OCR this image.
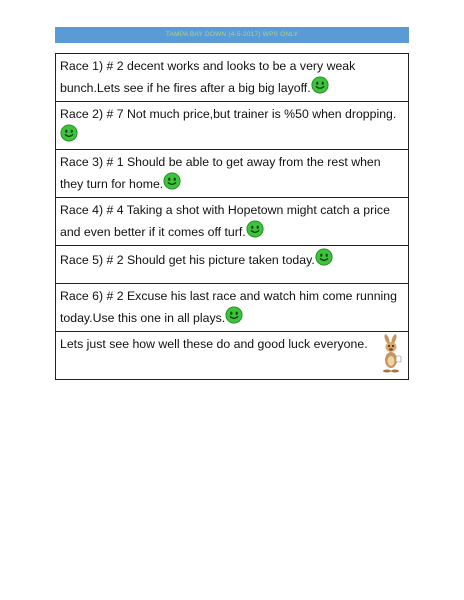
TAMPA BAY DOWN (4-5-2017) WPS ONLY
Race 1) # 2 decent works and looks to be a very weak bunch.Lets see if he fires after a big big layoff.
Race 2) # 7 Not much price,but trainer is %50 when dropping.

Race 3) # 1 Should be able to get away from the rest when they turn for home.
Race 4) # 4 Taking a shot with Hopetown might catch a price and even better if it comes off turf.
Race 5) # 2 Should get his picture taken today.
Race 6) # 2 Excuse his last race and watch him come running today.Use this one in all plays.
Lets just see how well these do and good luck everyone.
